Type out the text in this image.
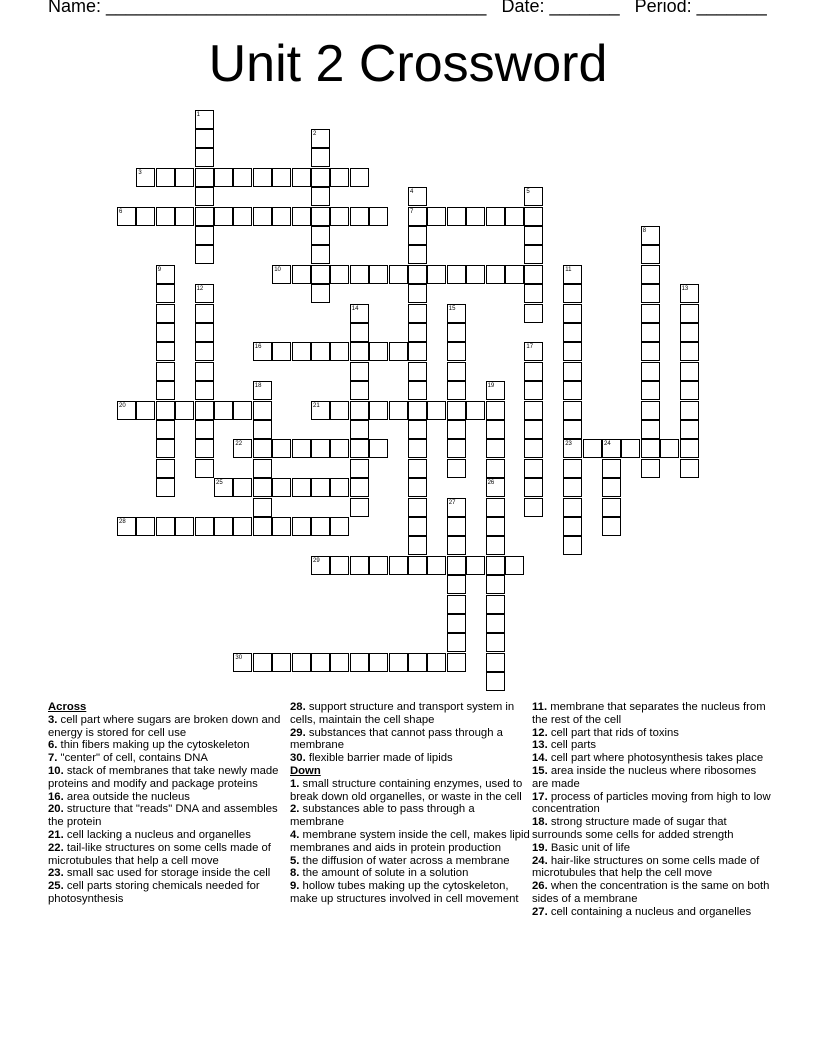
Name: ______________________________________ Date: _______ Period: _______
Unit 2 Crossword
1
2
3
4
7
5
6
8
9	10	11
23
12	13
14	15
16	17
18	19
20	21
22	24
25	26
27
28
29
30
Across
3. cell part where sugars are broken down and energy is stored for cell use
6. thin fibers making up the cytoskeleton
7. "center" of cell, contains DNA
10. stack of membranes that take newly made proteins and modify and package proteins
16. area outside the nucleus
20. structure that "reads" DNA and assembles the protein
21. cell lacking a nucleus and organelles
22. tail-like structures on some cells made of microtubules that help a cell move
23. small sac used for storage inside the cell
25. cell parts storing chemicals needed for photosynthesis
28. support structure and transport system in cells, maintain the cell shape
29. substances that cannot pass through a membrane
30. flexible barrier made of lipids
Down
1. small structure containing enzymes, used to break down old organelles, or waste in the cell
2. substances able to pass through a membrane
4. membrane system inside the cell, makes lipid membranes and aids in protein production
5. the diffusion of water across a membrane
8. the amount of solute in a solution
9. hollow tubes making up the cytoskeleton, make up structures involved in cell movement
11. membrane that separates the nucleus from the rest of the cell
12. cell part that rids of toxins
13. cell parts
14. cell part where photosynthesis takes place
15. area inside the nucleus where ribosomes are made
17. process of particles moving from high to low concentration
18. strong structure made of sugar that surrounds some cells for added strength
19. Basic unit of life
24. hair-like structures on some cells made of microtubules that help the cell move
26. when the concentration is the same on both sides of a membrane
27. cell containing a nucleus and organelles
